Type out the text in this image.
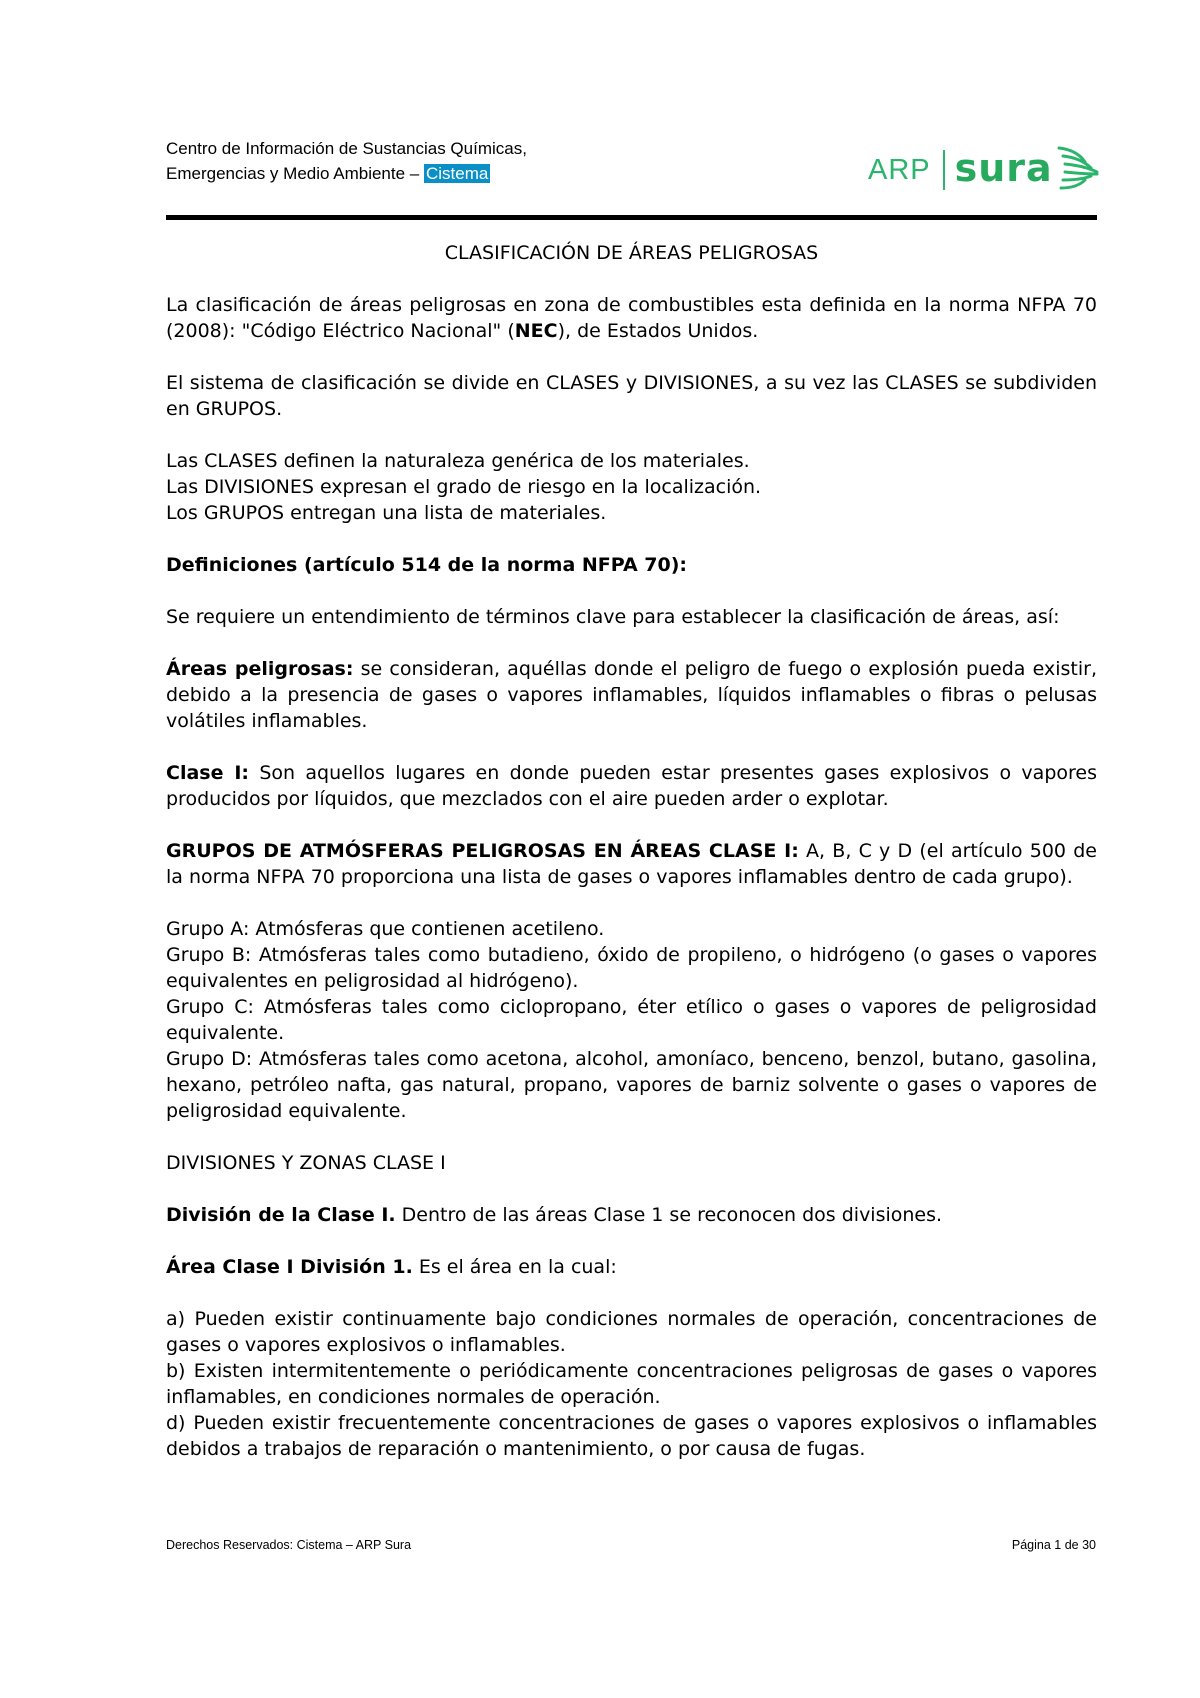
Centro de Información de Sustancias Químicas,
Emergencias y Medio Ambiente – Cistema	ARP sura

CLASIFICACIÓN DE ÁREAS PELIGROSAS

La clasificación de áreas peligrosas en zona de combustibles esta definida en la norma NFPA 70 (2008): "Código Eléctrico Nacional" (NEC), de Estados Unidos.

El sistema de clasificación se divide en CLASES y DIVISIONES, a su vez las CLASES se subdividen en GRUPOS.

Las CLASES definen la naturaleza genérica de los materiales.

Las DIVISIONES expresan el grado de riesgo en la localización.

Los GRUPOS entregan una lista de materiales.

Definiciones (artículo 514 de la norma NFPA 70):

Se requiere un entendimiento de términos clave para establecer la clasificación de áreas, así:

Áreas peligrosas: se consideran, aquéllas donde el peligro de fuego o explosión pueda existir, debido a la presencia de gases o vapores inflamables, líquidos inflamables o fibras o pelusas volátiles inflamables.

Clase I: Son aquellos lugares en donde pueden estar presentes gases explosivos o vapores producidos por líquidos, que mezclados con el aire pueden arder o explotar.

GRUPOS DE ATMÓSFERAS PELIGROSAS EN ÁREAS CLASE I: A, B, C y D (el artículo 500 de la norma NFPA 70 proporciona una lista de gases o vapores inflamables dentro de cada grupo).

Grupo A: Atmósferas que contienen acetileno.

Grupo B: Atmósferas tales como butadieno, óxido de propileno, o hidrógeno (o gases o vapores equivalentes en peligrosidad al hidrógeno).

Grupo C: Atmósferas tales como ciclopropano, éter etílico o gases o vapores de peligrosidad equivalente.

Grupo D: Atmósferas tales como acetona, alcohol, amoníaco, benceno, benzol, butano, gasolina, hexano, petróleo nafta, gas natural, propano, vapores de barniz solvente o gases o vapores de peligrosidad equivalente.

DIVISIONES Y ZONAS CLASE I

División de la Clase I. Dentro de las áreas Clase 1 se reconocen dos divisiones.

Área Clase I División 1. Es el área en la cual:

a) Pueden existir continuamente bajo condiciones normales de operación, concentraciones de gases o vapores explosivos o inflamables.

b) Existen intermitentemente o periódicamente concentraciones peligrosas de gases o vapores inflamables, en condiciones normales de operación.

d) Pueden existir frecuentemente concentraciones de gases o vapores explosivos o inflamables debidos a trabajos de reparación o mantenimiento, o por causa de fugas.

Derechos Reservados: Cistema – ARP Sura	Página 1 de 30
